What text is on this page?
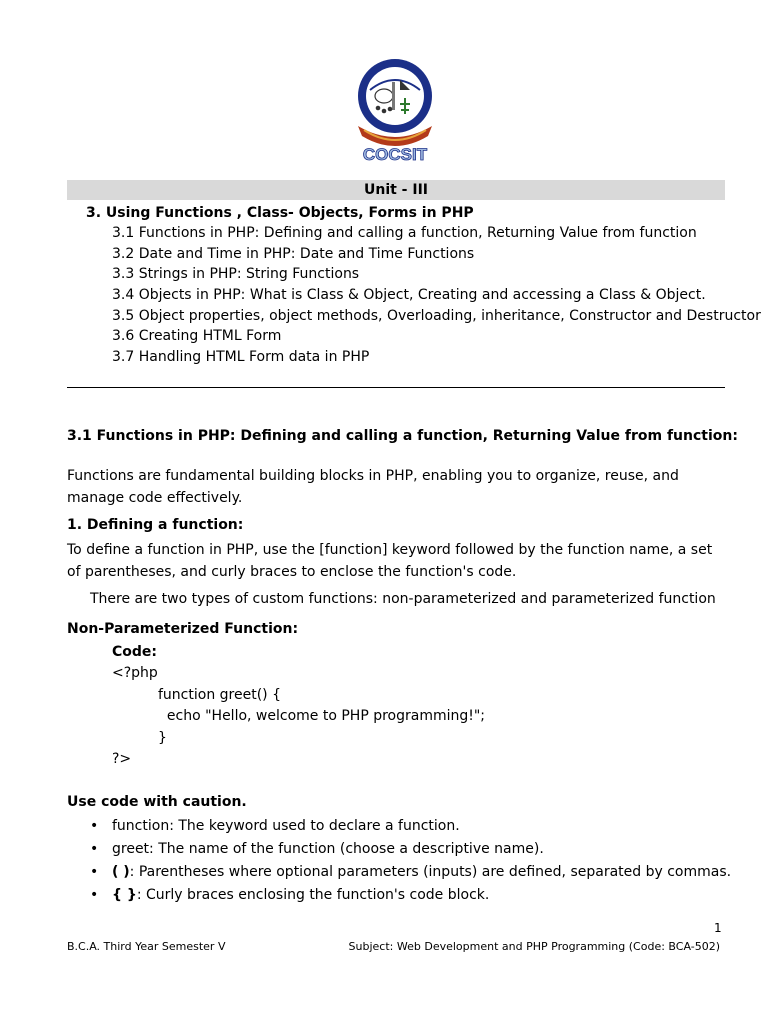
COCSIT
Unit - III
3. Using Functions , Class- Objects, Forms in PHP
3.1 Functions in PHP: Defining and calling a function, Returning Value from function
3.2 Date and Time in PHP: Date and Time Functions
3.3 Strings in PHP: String Functions
3.4 Objects in PHP: What is Class & Object, Creating and accessing a Class & Object.
3.5 Object properties, object methods, Overloading, inheritance, Constructor and Destructor
3.6 Creating HTML Form
3.7 Handling HTML Form data in PHP
3.1 Functions in PHP: Defining and calling a function, Returning Value from function:
Functions are fundamental building blocks in PHP, enabling you to organize, reuse, and manage code effectively.
1. Defining a function:
To define a function in PHP, use the [function] keyword followed by the function name, a set of parentheses, and curly braces to enclose the function's code.
There are two types of custom functions: non-parameterized and parameterized function
Non-Parameterized Function:
Code:
<?php
function greet() {
echo "Hello, welcome to PHP programming!";
}
?>
Use code with caution.
• function: The keyword used to declare a function.
• greet: The name of the function (choose a descriptive name).
• ( ): Parentheses where optional parameters (inputs) are defined, separated by commas.
• { }: Curly braces enclosing the function's code block.
1
B.C.A. Third Year Semester V	Subject: Web Development and PHP Programming (Code: BCA-502)
